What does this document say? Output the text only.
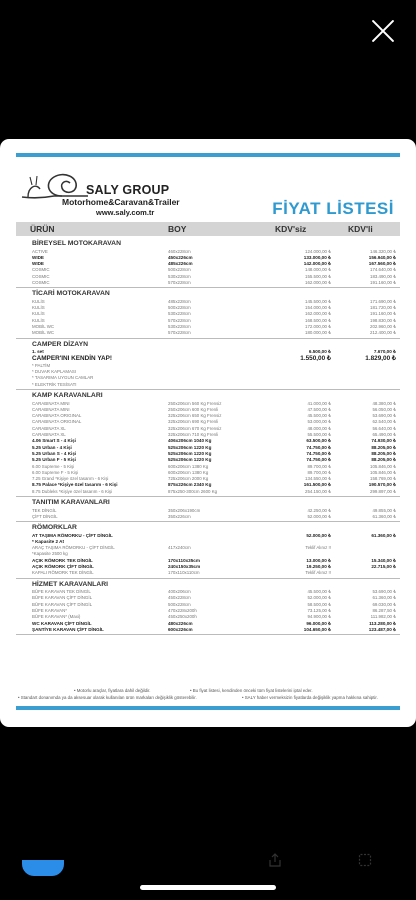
SALY GROUP
Motorhome&Caravan&Trailer
www.saly.com.tr	FİYAT LİSTESİ
ÜRÜN	BOY	KDV'siz	KDV'li
BİREYSEL MOTOKARAVAN
ACTIVE	460x228cm	124.000,00 ₺	146.320,00 ₺
WIDE	450x226cm	133.000,00 ₺	156.940,00 ₺
WIDE	485x226cm	142.000,00 ₺	167.560,00 ₺
COSMIC	500x228cm	148.000,00 ₺	174.640,00 ₺
COSMIC	530x228cm	155.500,00 ₺	183.490,00 ₺
COSMIC	570x228cm	162.000,00 ₺	191.160,00 ₺
TİCARİ MOTOKARAVAN
KULİS	485x228cm	145.500,00 ₺	171.690,00 ₺
KULİS	500x228cm	154.000,00 ₺	181.720,00 ₺
KULİS	530x228cm	162.000,00 ₺	191.160,00 ₺
KULİS	570x228cm	168.500,00 ₺	198.830,00 ₺
MOBİL WC	530x228cm	172.000,00 ₺	202.960,00 ₺
MOBİL WC	570x228cm	180.000,00 ₺	212.400,00 ₺
CAMPER DİZAYN
1. set	6.500,00 ₺	7.670,00 ₺
CAMPER'INI KENDİN YAP!	1.550,00 ₺	1.829,00 ₺
* PALTİM
* DUVAR KAPLAMASI
* TASARIMA UYGUN CAMLAR
* ELEKTRİK TESİSATI
KAMP KARAVANLARI
CARABINATA MINI	250x206cm 560 Kg Frensiz	41.000,00 ₺	48.380,00 ₺
CARABINATA MINI	250x206cm 600 Kg Frenli	47.500,00 ₺	56.050,00 ₺
CARABINATA ORIGINAL	325x206cm 650 Kg Frensiz	45.500,00 ₺	53.690,00 ₺
CARABINATA ORIGINAL	325x206cm 690 Kg Frenli	53.000,00 ₺	62.540,00 ₺
CARABINATA XL	325x206cm 670 Kg Frensiz	48.000,00 ₺	56.640,00 ₺
CARABINATA XL	325x206cm 710 Kg Frenli	55.500,00 ₺	65.490,00 ₺
4.06 Smart S - 4 Kişi	406x206cm 1040 Kg	63.500,00 ₺	74.930,00 ₺
5.25 Urban - 4 Kişi	525x206cm 1220 Kg	74.750,00 ₺	88.205,00 ₺
5.25 Urban S - 4 Kişi	525x206cm 1220 Kg	74.750,00 ₺	88.205,00 ₺
5.25 Urban F - 5 Kişi	525x206cm 1220 Kg	74.750,00 ₺	88.205,00 ₺
6.00 Supreme - 5 Kişi	600x206cm 1380 Kg	89.700,00 ₺	105.846,00 ₺
6.00 Supreme F - 5 Kişi	600x206cm 1380 Kg	89.700,00 ₺	105.846,00 ₺
7.25 Grand *Kişiye özel tasarım - 6 Kişi	725x206cm 2000 Kg	134.550,00 ₺	158.769,00 ₺
8.75 Palace *Kişiye özel tasarım - 6 Kişi	875x226cm 2340 Kg	161.500,00 ₺	190.570,00 ₺
8.75 Dubleks *Kişiye özel tasarım - 6 Kişi	875x250-300cm 2600 Kg	254.150,00 ₺	299.897,00 ₺
TANITIM KARAVANLARI
TEK DİNGİL	350x206x190cm	42.250,00 ₺	49.855,00 ₺
ÇİFT DİNGİL	350x226cm	52.000,00 ₺	61.360,00 ₺
RÖMORKLAR
AT TAŞIMA RÖMORKU - ÇİFT DİNGİL	52.000,00 ₺	61.360,00 ₺
* Kapasite 2 At
ARAÇ TAŞIMA RÖMORKU - ÇİFT DİNGİL	417x240cm	Teklif Alınız !!
*Kapasite 2500 kg
AÇIK RÖMORK TEK DİNGİL	170x110x35cm	13.000,00 ₺	15.340,00 ₺
AÇIK RÖMORK ÇİFT DİNGİL	240x150x35cm	19.250,00 ₺	22.715,00 ₺
KAPALI RÖMORK TEK DİNGİL	170x110x110cm	Teklif Alınız !!
HİZMET KARAVANLARI
BÜFE KARAVAN TEK DİNGİL	400x206cm	45.500,00 ₺	53.690,00 ₺
BÜFE KARAVAN ÇİFT DİNGİL	450x228cm	52.000,00 ₺	61.360,00 ₺
BÜFE KARAVAN ÇİFT DİNGİL	500x228cm	58.500,00 ₺	69.030,00 ₺
BÜFE KARAVAN*	470x228x200h	73.125,00 ₺	86.287,50 ₺
BÜFE KARAVAN* (Maxi)	450x250x200h	94.900,00 ₺	111.982,00 ₺
WC KARAVAN ÇİFT DİNGİL	480x226cm	96.000,00 ₺	113.280,00 ₺
ŞANTİYE KARAVAN ÇİFT DİNGİL	600x226cm	104.650,00 ₺	123.487,00 ₺
• Motorlu araçlar, fiyatlara dahil değildir.	• Bu fiyat listesi, kendinden önceki tüm fiyat listelerini iptal eder.
• Standart donanımda ya da aksesuar olarak kullanılan ürün markaları değişiklik gösterebilir.	• SALY haber vermeksizin fiyatlarda değişiklik yapma hakkına sahiptir.
